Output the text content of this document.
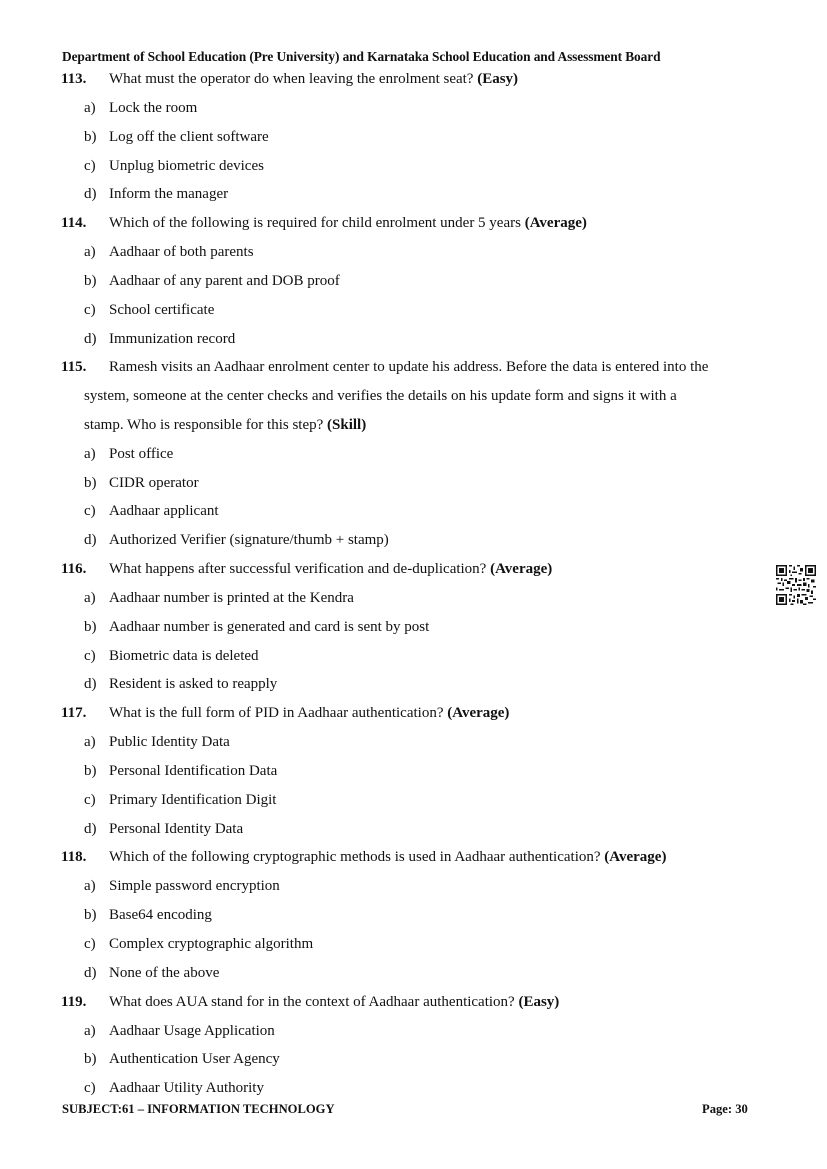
Department of School Education (Pre University) and Karnataka School Education and Assessment Board
113. What must the operator do when leaving the enrolment seat? (Easy)
a) Lock the room
b) Log off the client software
c) Unplug biometric devices
d) Inform the manager
114. Which of the following is required for child enrolment under 5 years (Average)
a) Aadhaar of both parents
b) Aadhaar of any parent and DOB proof
c) School certificate
d) Immunization record
115. Ramesh visits an Aadhaar enrolment center to update his address. Before the data is entered into the
system, someone at the center checks and verifies the details on his update form and signs it with a
stamp. Who is responsible for this step? (Skill)
a) Post office
b) CIDR operator
c) Aadhaar applicant
d) Authorized Verifier (signature/thumb + stamp)
116. What happens after successful verification and de-duplication? (Average)
a) Aadhaar number is printed at the Kendra
b) Aadhaar number is generated and card is sent by post
c) Biometric data is deleted
d) Resident is asked to reapply
117. What is the full form of PID in Aadhaar authentication? (Average)
a) Public Identity Data
b) Personal Identification Data
c) Primary Identification Digit
d) Personal Identity Data
118. Which of the following cryptographic methods is used in Aadhaar authentication? (Average)
a) Simple password encryption
b) Base64 encoding
c) Complex cryptographic algorithm
d) None of the above
119. What does AUA stand for in the context of Aadhaar authentication? (Easy)
a) Aadhaar Usage Application
b) Authentication User Agency
c) Aadhaar Utility Authority
SUBJECT:61 – INFORMATION TECHNOLOGY	Page: 30
